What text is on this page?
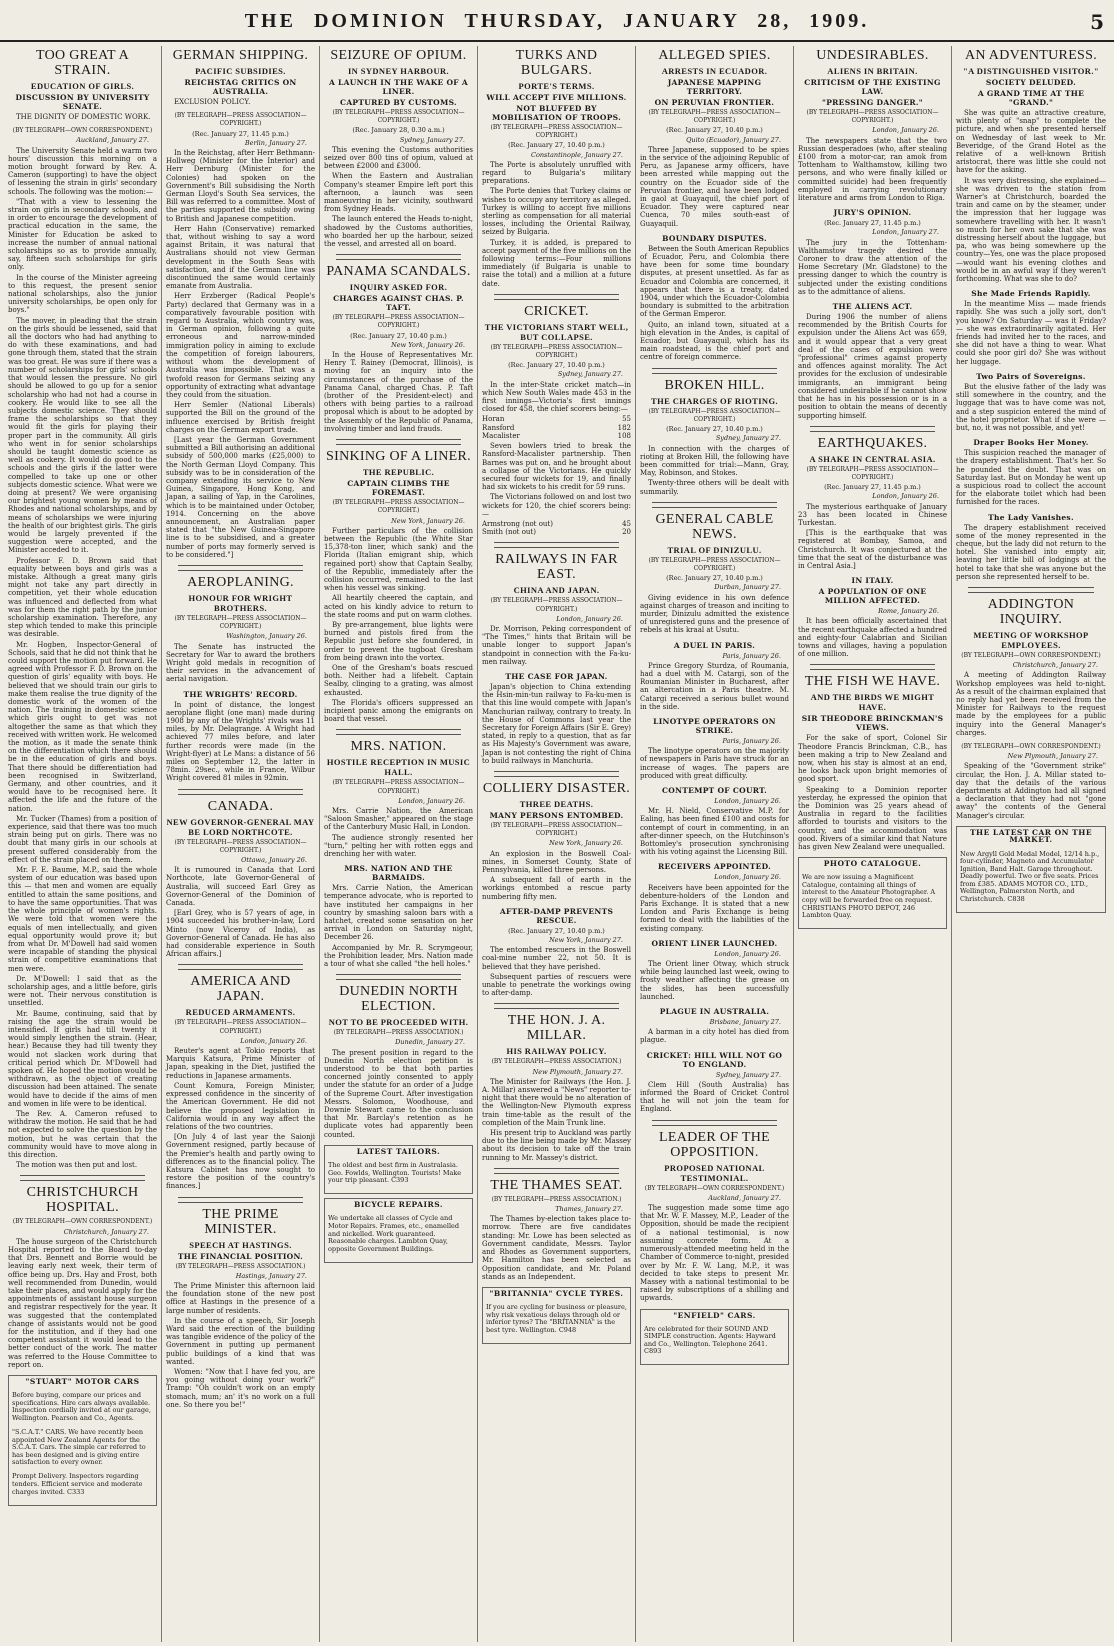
THE DOMINION THURSDAY, JANUARY 28, 1909.	5
TOO GREAT A STRAIN.
EDUCATION OF GIRLS.
DISCUSSION BY UNIVERSITY SENATE.

THE DIGNITY OF DOMESTIC WORK.

(BY TELEGRAPH—OWN CORRESPONDENT.)
Auckland, January 27.

The University Senate held a warm two hours' discussion this morning on a motion brought forward by Rev. A. Cameron (supporting) to have the object of lessening the strain in girls' secondary schools. The following was the motion:—

"That with a view to lessening the strain on girls in secondary schools, and in order to encourage the development of practical education in the same, the Minister for Education be asked to increase the number of annual national scholarships so as to provide annually, say, fifteen such scholarships for girls only.

In the course of the Minister agreeing to this request, the present senior national scholarships, also the junior university scholarships, be open only for boys."

The mover, in pleading that the strain on the girls should be lessened, said that all the doctors who had had anything to do with these examinations, and had gone through them, stated that the strain was too great. He was sure if there was a number of scholarships for girls' schools that would lessen the pressure. No girl should be allowed to go up for a senior scholarship who had not had a course in cookery. He would like to see all the subjects domestic science. They should frame the scholarships so that they would fit the girls for playing their proper part in the community. All girls who went in for senior scholarships should be taught domestic science as well as cookery. It would do good to the schools and the girls if the latter were compelled to take up one or other subjects domestic science. What were we doing at present? We were organising our brightest young women by means of Rhodes and national scholarships, and by means of scholarships we were injuring the health of our brightest girls. The girls would be largely prevented if the suggestion were accepted, and the Minister acceded to it.

Professor F. D. Brown said that equality between boys and girls was a mistake. Although a great many girls might not take any part directly in competition, yet their whole education was influenced and deflected from what was for them the right path by the junior scholarship examination. Therefore, any step which tended to make this principle was desirable.

Mr. Hogben, Inspector-General of Schools, said that he did not think that he could support the motion put forward. He agreed with Professor F. D. Brown on the question of girls' equality with boys. He believed that we should train our girls to make them realise the true dignity of the domestic work of the women of the nation. The training in domestic science which girls ought to get was not altogether the same as that which they received with written work. He welcomed the motion, as it made the senate think on the differentiation which there should be in the education of girls and boys. That there should be differentiation had been recognised in Switzerland, Germany, and other countries, and it would have to be recognised here. It affected the life and the future of the nation.

Mr. Tucker (Thames) from a position of experience, said that there was too much strain being put on girls. There was no doubt that many girls in our schools at present suffered considerably from the effect of the strain placed on them.

Mr. F. E. Baume, M.P., said the whole system of our education was based upon this — that men and women are equally entitled to attain the same positions, and to have the same opportunities. That was the whole principle of women's rights. We were told that women were the equals of men intellectually, and given equal opportunity would prove it; but from what Dr. M'Dowell had said women were incapable of standing the physical strain of competitive examinations that men were.

Dr. M'Dowell: I said that as the scholarship ages, and a little before, girls were not. Their nervous constitution is unsettled.

Mr. Baume, continuing, said that by raising the age the strain would be intensified. If girls had till twenty it would simply lengthen the strain. (Hear, hear.) Because they had till twenty they would not slacken work during that critical period which Dr. M'Dowell had spoken of. He hoped the motion would be withdrawn, as the object of creating discussion had been attained. The senate would have to decide if the aims of men and women in life were to be identical.

The Rev. A. Cameron refused to withdraw the motion. He said that he had not expected to solve the question by the motion, but he was certain that the community would have to move along in this direction.

The motion was then put and lost.

CHRISTCHURCH HOSPITAL.
(BY TELEGRAPH—OWN CORRESPONDENT.)
Christchurch, January 27.

The house surgeon of the Christchurch Hospital reported to the Board to-day that Drs. Bennett and Borrie would be leaving early next week, their term of office being up. Drs. Hay and Frost, both well recommended from Dunedin, would take their places, and would apply for the appointments of assistant house surgeon and registrar respectively for the year. It was suggested that the contemplated change of assistants would not be good for the institution, and if they had one competent assistant it would lead to the better conduct of the work. The matter was referred to the House Committee to report on.

"STUART" MOTOR CARS

Before buying, compare our prices and specifications. Hire cars always available. Inspection cordially invited at our garage, Wellington. Pearson and Co., Agents.

"S.C.A.T." CARS. We have recently been appointed New Zealand Agents for the S.C.A.T. Cars. The simple car referred to has been designed and is giving entire satisfaction to every owner.

Prompt Delivery. Inspectors regarding tenders. Efficient service and moderate charges invited. C333

GERMAN SHIPPING.
PACIFIC SUBSIDIES.
REICHSTAG CRITICS ON AUSTRALIA.

EXCLUSION POLICY.

(BY TELEGRAPH—PRESS ASSOCIATION—COPYRIGHT.)
(Rec. January 27, 11.45 p.m.)
Berlin, January 27.

In the Reichstag, after Herr Bethmann-Hollweg (Minister for the Interior) and Herr Dernburg (Minister for the Colonies) had spoken on the Government's Bill subsidising the North German Lloyd's South Sea services, the Bill was referred to a committee. Most of the parties supported the subsidy owing to British and Japanese competition.

Herr Hahn (Conservative) remarked that, without wishing to say a word against Britain, it was natural that Australians should not view German development in the South Seas with satisfaction, and if the German line was discontinued the same would certainly emanate from Australia.

Herr Erzberger (Radical People's Party) declared that Germany was in a comparatively favourable position with regard to Australia, which country was, in German opinion, following a quite erroneous and narrow-minded immigration policy in aiming to exclude the competition of foreign labourers, without whom the development of Australia was impossible. That was a twofold reason for Germans seizing any opportunity of extracting what advantage they could from the situation.

Herr Semler (National Liberals) supported the Bill on the ground of the influence exercised by British freight charges on the German export trade.

[Last year the German Government submitted a Bill authorising an additional subsidy of 500,000 marks (£25,000) to the North German Lloyd Company. This subsidy was to be in consideration of the company extending its service to New Guinea, Singapore, Hong Kong, and Japan, a sailing of Yap, in the Carolines, which is to be maintained under October, 1914. Concerning on the above announcement, an Australian paper stated that "the New Guinea-Singapore line is to be subsidised, and a greater number of ports may formerly served is to be considered."]

AEROPLANING.
HONOUR FOR WRIGHT BROTHERS.
(BY TELEGRAPH—PRESS ASSOCIATION—COPYRIGHT.)
Washington, January 26.

The Senate has instructed the Secretary for War to award the brothers Wright gold medals in recognition of their services in the advancement of aerial navigation.

THE WRIGHTS' RECORD.

In point of distance, the longest aeroplane flight (one man) made during 1908 by any of the Wrights' rivals was 11 miles, by Mr. Delagrange. A Wright had achieved 77 miles before, and later further records were made (in the Wright-flyer) at Le Mans: a distance of 56 miles on September 12, the latter in 78min. 29sec., while in France, Wilbur Wright covered 81 miles in 92min.

CANADA.
NEW GOVERNOR-GENERAL MAY BE LORD NORTHCOTE.
(BY TELEGRAPH—PRESS ASSOCIATION—COPYRIGHT.)
Ottawa, January 26.

It is rumoured in Canada that Lord Northcote, late Governor-General of Australia, will succeed Earl Grey as Governor-General of the Dominion of Canada.

[Earl Grey, who is 57 years of age, in 1904 succeeded his brother-in-law, Lord Minto (now Viceroy of India), as Governor-General of Canada. He has also had considerable experience in South African affairs.]

AMERICA AND JAPAN.
REDUCED ARMAMENTS.
(BY TELEGRAPH—PRESS ASSOCIATION—COPYRIGHT.)
London, January 26.

Reuter's agent at Tokio reports that Marquis Katsura, Prime Minister of Japan, speaking in the Diet, justified the reductions in Japanese armaments.

Count Komura, Foreign Minister, expressed confidence in the sincerity of the American Government. He did not believe the proposed legislation in California would in any way affect the relations of the two countries.

[On July 4 of last year the Saionji Government resigned, partly because of the Premier's health and partly owing to differences as to the financial policy. The Katsura Cabinet has now sought to restore the position of the country's finances.]

THE PRIME MINISTER.
SPEECH AT HASTINGS.
THE FINANCIAL POSITION.
(BY TELEGRAPH—PRESS ASSOCIATION.)
Hastings, January 27.

The Prime Minister this afternoon laid the foundation stone of the new post office at Hastings in the presence of a large number of residents.

In the course of a speech, Sir Joseph Ward said the erection of the building was tangible evidence of the policy of the Government in putting up permanent public buildings of a kind that was wanted.

Women: "Now that I have fed you, are you going without doing your work?" Tramp: "Oh couldn't work on an empty stomach, mum; an' it's no work on a full one. So there you be!"

SEIZURE OF OPIUM.
IN SYDNEY HARBOUR.
A LAUNCH IN THE WAKE OF A LINER.
CAPTURED BY CUSTOMS.
(BY TELEGRAPH—PRESS ASSOCIATION—COPYRIGHT.)
(Rec. January 28, 0.30 a.m.)
Sydney, January 27.

This evening the Customs authorities seized over 800 tins of opium, valued at between £2000 and £3000.

When the Eastern and Australian Company's steamer Empire left port this afternoon, a launch was seen manoeuvring in her vicinity, southward from Sydney Heads.

The launch entered the Heads to-night, shadowed by the Customs authorities, who boarded her up the harbour, seized the vessel, and arrested all on board.

PANAMA SCANDALS.
INQUIRY ASKED FOR.
CHARGES AGAINST CHAS. P. TAFT.
(BY TELEGRAPH—PRESS ASSOCIATION—COPYRIGHT.)
(Rec. January 27, 10.40 p.m.)
New York, January 26.

In the House of Representatives Mr. Henry T. Rainey (Democrat, Illinois), is moving for an inquiry into the circumstances of the purchase of the Panama Canal, charged Chas. P. Taft (brother of the President-elect) and others with being parties to a railroad proposal which is about to be adopted by the Assembly of the Republic of Panama, involving timber and land frauds.

SINKING OF A LINER.
THE REPUBLIC.
CAPTAIN CLIMBS THE FOREMAST.
(BY TELEGRAPH—PRESS ASSOCIATION—COPYRIGHT.)
New York, January 26.

Further particulars of the collision between the Republic (the White Star 15,378-ton liner, which sank) and the Florida (Italian emigrant ship, which regained port) show that Captain Sealby, of the Republic, immediately after the collision occurred, remained to the last when his vessel was sinking.

All heartily cheered the captain, and acted on his kindly advice to return to the state rooms and put on warm clothes.

By pre-arrangement, blue lights were burned and pistols fired from the Republic just before she foundered, in order to prevent the tugboat Gresham from being drawn into the vortex.

One of the Gresham's boats rescued both. Neither had a lifebelt. Captain Sealby, clinging to a grating, was almost exhausted.

The Florida's officers suppressed an incipient panic among the emigrants on board that vessel.

MRS. NATION.
HOSTILE RECEPTION IN MUSIC HALL.
(BY TELEGRAPH—PRESS ASSOCIATION—COPYRIGHT.)
London, January 26.

Mrs. Carrie Nation, the American "Saloon Smasher," appeared on the stage of the Canterbury Music Hall, in London.

The audience strongly resented her "turn," pelting her with rotten eggs and drenching her with water.

MRS. NATION AND THE BARMAIDS.

Mrs. Carrie Nation, the American temperance advocate, who is reported to have instituted her campaigns in her country by smashing saloon bars with a hatchet, created some sensation on her arrival in London on Saturday night, December 26.

Accompanied by Mr. R. Scrymgeour, the Prohibition leader, Mrs. Nation made a tour of what she called "the hell holes."

DUNEDIN NORTH ELECTION.
NOT TO BE PROCEEDED WITH.
(BY TELEGRAPH—PRESS ASSOCIATION.)
Dunedin, January 27.

The present position in regard to the Dunedin North election petition is understood to be that both parties concerned jointly consented to apply under the statute for an order of a Judge of the Supreme Court. After investigation Messrs. Solomon, Woodhouse, and Downie Stewart came to the conclusion that Mr. Barclay's retention as he duplicate votes had apparently been counted.

LATEST TAILORS.

The oldest and best firm in Australasia. Geo. Fowlds, Wellington. Tourists! Make your trip pleasant. C393

BICYCLE REPAIRS.

We undertake all classes of Cycle and Motor Repairs. Frames, etc., enamelled and nickelled. Work guaranteed. Reasonable charges. Lambton Quay, opposite Government Buildings.

TURKS AND BULGARS.
PORTE'S TERMS.
WILL ACCEPT FIVE MILLIONS.
NOT BLUFFED BY MOBILISATION OF TROOPS.
(BY TELEGRAPH—PRESS ASSOCIATION—COPYRIGHT.)
(Rec. January 27, 10.40 p.m.)
Constantinople, January 27.

The Porte is absolutely unruffled with regard to Bulgaria's military preparations.

The Porte denies that Turkey claims or wishes to occupy any territory as alleged. Turkey is willing to accept five millions sterling as compensation for all material losses, including the Oriental Railway, seized by Bulgaria.

Turkey, it is added, is prepared to accept payment of the five millions on the following terms:—Four millions immediately (if Bulgaria is unable to raise the total) and a million at a future date.

CRICKET.
THE VICTORIANS START WELL, BUT COLLAPSE.
(BY TELEGRAPH—PRESS ASSOCIATION—COPYRIGHT.)
(Rec. January 27, 10.40 p.m.)
Sydney, January 27.

In the inter-State cricket match—in which New South Wales made 453 in the first innings—Victoria's first innings closed for 458, the chief scorers being:—

Horan	55
Ransford	182
Macalister	108

Seven bowlers tried to break the Ransford-Macalister partnership. Then Barnes was put on, and he brought about a collapse of the Victorians. He quickly secured four wickets for 19, and finally had six wickets to his credit for 59 runs.

The Victorians followed on and lost two wickets for 120, the chief scorers being:—

Armstrong (not out)	45
Smith (not out)	20
RAILWAYS IN FAR EAST.
CHINA AND JAPAN.
(BY TELEGRAPH—PRESS ASSOCIATION—COPYRIGHT.)
London, January 26.

Dr. Morrison, Peking correspondent of "The Times," hints that Britain will be unable longer to support Japan's standpoint in connection with the Fa-ku-men railway.

THE CASE FOR JAPAN.

Japan's objection to China extending the Hsin-min-tun railway to Fa-ku-men is that this line would compete with Japan's Manchurian railway, contrary to treaty. In the House of Commons last year the Secretary for Foreign Affairs (Sir E. Grey) stated, in reply to a question, that as far as His Majesty's Government was aware, Japan is not contesting the right of China to build railways in Manchuria.

COLLIERY DISASTER.
THREE DEATHS.
MANY PERSONS ENTOMBED.
(BY TELEGRAPH—PRESS ASSOCIATION—COPYRIGHT.)
New York, January 26.

An explosion in the Boswell Coal-mines, in Somerset County, State of Pennsylvania, killed three persons.

A subsequent fall of earth in the workings entombed a rescue party numbering fifty men.

AFTER-DAMP PREVENTS RESCUE.
(Rec. January 27, 10.40 p.m.)
New York, January 27.

The entombed rescuers in the Boswell coal-mine number 22, not 50. It is believed that they have perished.

Subsequent parties of rescuers were unable to penetrate the workings owing to after-damp.

THE HON. J. A. MILLAR.
HIS RAILWAY POLICY.
(BY TELEGRAPH—PRESS ASSOCIATION.)
New Plymouth, January 27.

The Minister for Railways (the Hon. J. A. Millar) answered a "News" reporter to-night that there would be no alteration of the Wellington-New Plymouth express train time-table as the result of the completion of the Main Trunk line.

His present trip to Auckland was partly due to the line being made by Mr. Massey about its decision to take off the train running to Mr. Massey's district.

THE THAMES SEAT.
(BY TELEGRAPH—PRESS ASSOCIATION.)
Thames, January 27.

The Thames by-election takes place to-morrow. There are five candidates standing: Mr. Lowe has been selected as Government candidate, Messrs. Taylor and Rhodes as Government supporters, Mr. Hamilton has been selected as Opposition candidate, and Mr. Poland stands as an Independent.

"BRITANNIA" CYCLE TYRES.

If you are cycling for business or pleasure, why risk vexatious delays through old or inferior tyres? The "BRITANNIA" is the best tyre. Wellington. C948

ALLEGED SPIES.
ARRESTS IN ECUADOR.
JAPANESE MAPPING TERRITORY.
ON PERUVIAN FRONTIER.
(BY TELEGRAPH—PRESS ASSOCIATION—COPYRIGHT.)
(Rec. January 27, 10.40 p.m.)
Quito (Ecuador), January 27.

Three Japanese, supposed to be spies in the service of the adjoining Republic of Peru, as Japanese army officers, have been arrested while mapping out the country on the Ecuador side of the Peruvian frontier, and have been lodged in gaol at Guayaquil, the chief port of Ecuador. They were captured near Cuenca, 70 miles south-east of Guayaquil.

BOUNDARY DISPUTES.

Between the South American Republics of Ecuador, Peru, and Colombia there have been for some time boundary disputes, at present unsettled. As far as Ecuador and Colombia are concerned, it appears that there is a treaty, dated 1904, under which the Ecuador-Colombia boundary is submitted to the arbitration of the German Emperor.

Quito, an inland town, situated at a high elevation in the Andes, is capital of Ecuador, but Guayaquil, which has its main roadstead, is the chief port and centre of foreign commerce.

BROKEN HILL.
THE CHARGES OF RIOTING.
(BY TELEGRAPH—PRESS ASSOCIATION—COPYRIGHT.)
(Rec. January 27, 10.40 p.m.)
Sydney, January 27.

In connection with the charges of rioting at Broken Hill, the following have been committed for trial:—Mann, Gray, May, Robinson, and Stokes.

Twenty-three others will be dealt with summarily.

GENERAL CABLE NEWS.
TRIAL OF DINIZULU.
(BY TELEGRAPH—PRESS ASSOCIATION—COPYRIGHT.)
(Rec. January 27, 10.40 p.m.)
Durban, January 27.

Giving evidence in his own defence against charges of treason and inciting to murder, Dinizulu admitted the existence of unregistered guns and the presence of rebels at his kraal at Usutu.

A DUEL IN PARIS.
Paris, January 26.

Prince Gregory Sturdza, of Roumania, had a duel with M. Catargi, son of the Roumanian Minister in Bucharest, after an altercation in a Paris theatre. M. Catargi received a serious bullet wound in the side.

LINOTYPE OPERATORS ON STRIKE.
Paris, January 26.

The linotype operators on the majority of newspapers in Paris have struck for an increase of wages. The papers are produced with great difficulty.

CONTEMPT OF COURT.
London, January 26.

Mr. H. Nield, Conservative M.P. for Ealing, has been fined £100 and costs for contempt of court in commenting, in an after-dinner speech, on the Hutchinson's Bottomley's prosecution synchronising with his voting against the Licensing Bill.

RECEIVERS APPOINTED.
London, January 26.

Receivers have been appointed for the debenture-holders of the London and Paris Exchange. It is stated that a new London and Paris Exchange is being formed to deal with the liabilities of the existing company.

ORIENT LINER LAUNCHED.
London, January 26.

The Orient liner Otway, which struck while being launched last week, owing to frosty weather affecting the grease on the slides, has been successfully launched.

PLAGUE IN AUSTRALIA.
Brisbane, January 27.

A barman in a city hotel has died from plague.

CRICKET: HILL WILL NOT GO TO ENGLAND.
Sydney, January 27.

Clem Hill (South Australia) has informed the Board of Cricket Control that he will not join the team for England.

LEADER OF THE OPPOSITION.
PROPOSED NATIONAL TESTIMONIAL.
(BY TELEGRAPH—OWN CORRESPONDENT.)
Auckland, January 27.

The suggestion made some time ago that Mr. W. F. Massey, M.P., Leader of the Opposition, should be made the recipient of a national testimonial, is now assuming concrete form. At a numerously-attended meeting held in the Chamber of Commerce to-night, presided over by Mr. F. W. Lang, M.P., it was decided to take steps to present Mr. Massey with a national testimonial to be raised by subscriptions of a shilling and upwards.

"ENFIELD" CARS.

Are celebrated for their SOUND AND SIMPLE construction. Agents: Hayward and Co., Wellington. Telephone 2641. C893

UNDESIRABLES.
ALIENS IN BRITAIN.
CRITICISM OF THE EXISTING LAW.
"PRESSING DANGER."
(BY TELEGRAPH—PRESS ASSOCIATION—COPYRIGHT.)
London, January 26.

The newspapers state that the two Russian desperadoes (who, after stealing £100 from a motor-car, ran amok from Tottenham to Walthamstow, killing two persons, and who were finally killed or committed suicide) had been frequently employed in carrying revolutionary literature and arms from London to Riga.

JURY'S OPINION.
(Rec. January 27, 11.45 p.m.)
London, January 27.

The jury in the Tottenham-Walthamstow tragedy desired the Coroner to draw the attention of the Home Secretary (Mr. Gladstone) to the pressing danger to which the country is subjected under the existing conditions as to the admittance of aliens.

THE ALIENS ACT.

During 1906 the number of aliens recommended by the British Courts for expulsion under the Aliens Act was 659, and it would appear that a very great deal of the cases of expulsion were "professional" crimes against property and offences against morality. The Act provides for the exclusion of undesirable immigrants, an immigrant being considered undesirable if he cannot show that he has in his possession or is in a position to obtain the means of decently supporting himself.

EARTHQUAKES.
A SHAKE IN CENTRAL ASIA.
(BY TELEGRAPH—PRESS ASSOCIATION—COPYRIGHT.)
(Rec. January 27, 11.45 p.m.)
London, January 26.

The mysterious earthquake of January 23 has been located in Chinese Turkestan.

[This is the earthquake that was registered at Bombay, Samoa, and Christchurch. It was conjectured at the time that the seat of the disturbance was in Central Asia.]

IN ITALY.
A POPULATION OF ONE MILLION AFFECTED.
Rome, January 26.

It has been officially ascertained that the recent earthquake affected a hundred and eighty-four Calabrian and Sicilian towns and villages, having a population of one million.

THE FISH WE HAVE.
AND THE BIRDS WE MIGHT HAVE.
SIR THEODORE BRINCKMAN'S VIEWS.

For the sake of sport, Colonel Sir Theodore Francis Brinckman, C.B., has been making a trip to New Zealand and now, when his stay is almost at an end, he looks back upon bright memories of good sport.

Speaking to a Dominion reporter yesterday, he expressed the opinion that the Dominion was 25 years ahead of Australia in regard to the facilities afforded to tourists and visitors to the country, and the accommodation was good. Rivers of a similar kind that Nature has given New Zealand were unequalled.

PHOTO CATALOGUE.

We are now issuing a Magnificent Catalogue, containing all things of interest to the Amateur Photographer. A copy will be forwarded free on request. CHRISTIANS PHOTO DEPOT, 246 Lambton Quay.

AN ADVENTURESS.
"A DISTINGUISHED VISITOR."
SOCIETY DELUDED.
A GRAND TIME AT THE "GRAND."

She was quite an attractive creature, with plenty of "snap" to complete the picture, and when she presented herself on Wednesday of last week to Mr. Beveridge, of the Grand Hotel as the relative of a well-known British aristocrat, there was little she could not have for the asking.

It was very distressing, she explained—she was driven to the station from Warner's at Christchurch, boarded the train and came on by the steamer, under the impression that her luggage was somewhere travelling with her. It wasn't so much for her own sake that she was distressing herself about the luggage, but pa, who was being somewhere up the country—Yes, one was the place proposed—would want his evening clothes and would be in an awful way if they weren't forthcoming. What was she to do?

She Made Friends Rapidly.

In the meantime Miss — made friends rapidly. She was such a jolly sort, don't you know? On Saturday — was it Friday? — she was extraordinarily agitated. Her friends had invited her to the races, and she did not have a thing to wear. What could she poor girl do? She was without her luggage.

Two Pairs of Sovereigns.

But the elusive father of the lady was still somewhere in the country, and the luggage that was to have come was not, and a step suspicion entered the mind of the hotel proprietor. What if she were — but, no, it was not possible, and yet!

Draper Books Her Money.

This suspicion reached the manager of the drapery establishment. That's her. So he pounded the doubt. That was on Saturday last. But on Monday he went up a suspicious road to collect the account for the elaborate toilet which had been furnished for the races.

The Lady Vanishes.

The drapery establishment received some of the money represented in the cheque, but the lady did not return to the hotel. She vanished into empty air, leaving her little bill of lodgings at the hotel to take that she was anyone but the person she represented herself to be.

ADDINGTON INQUIRY.
MEETING OF WORKSHOP EMPLOYEES.
(BY TELEGRAPH—OWN CORRESPONDENT.)
Christchurch, January 27.

A meeting of Addington Railway Workshop employees was held to-night. As a result of the chairman explained that no reply had yet been received from the Minister for Railways to the request made by the employees for a public inquiry into the General Manager's charges.

(BY TELEGRAPH—OWN CORRESPONDENT.)
New Plymouth, January 27.

Speaking of the "Government strike" circular, the Hon. J. A. Millar stated to-day that the details of the various departments at Addington had all signed a declaration that they had not "gone away" the contents of the General Manager's circular.

THE LATEST CAR ON THE MARKET.

New Argyll Gold Medal Model, 12/14 h.p., four-cylinder, Magneto and Accumulator Ignition, Band Halt. Garage throughout. Deadly powerful. Two or five seats. Prices from £385. ADAMS MOTOR CO., LTD., Wellington, Palmerston North, and Christchurch. C838
